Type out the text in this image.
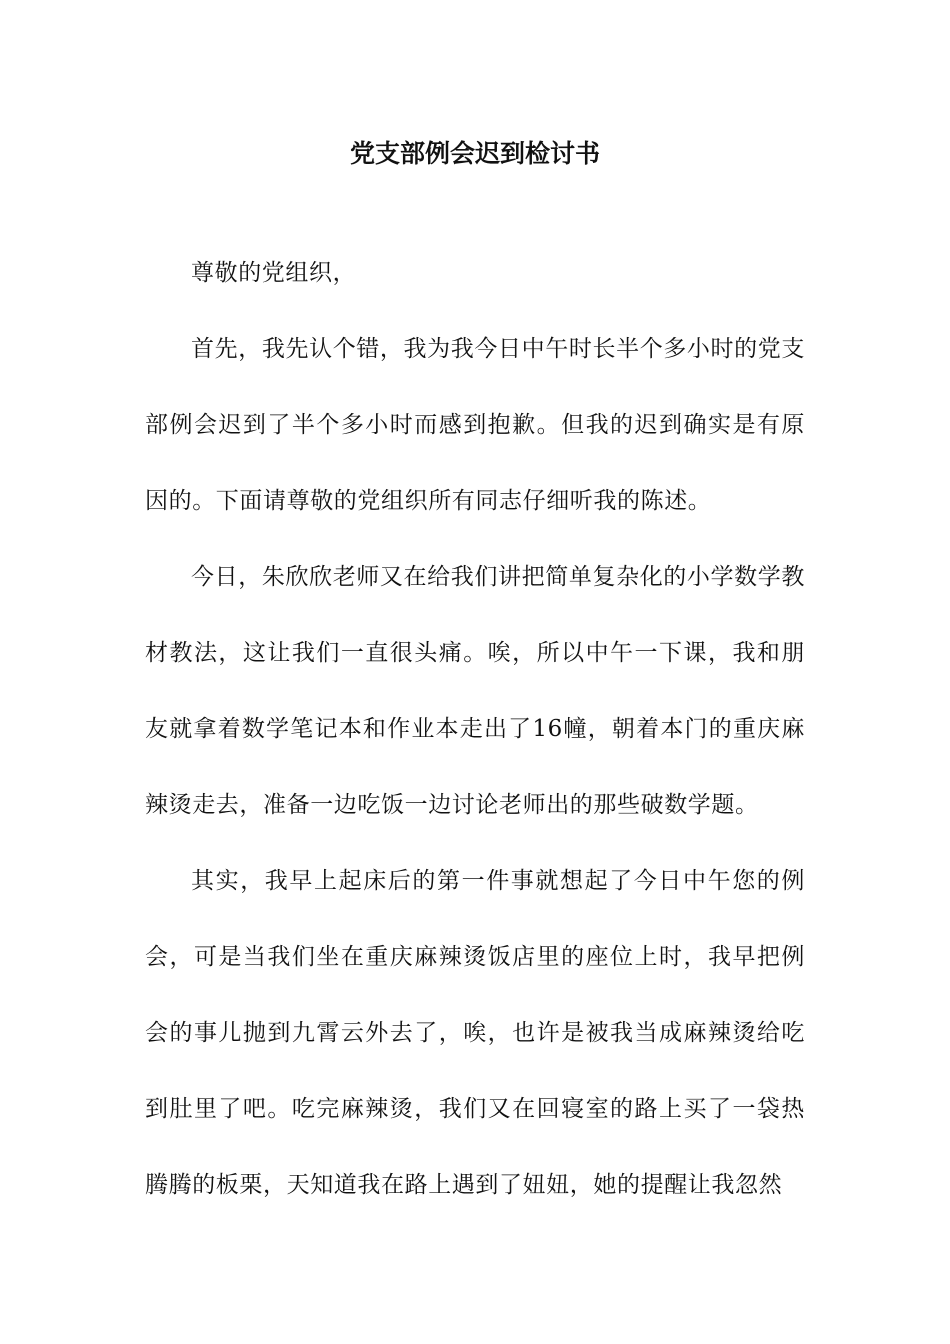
党支部例会迟到检讨书

尊敬的党组织，

首先，我先认个错，我为我今日中午时长半个多小时的党支部例会迟到了半个多小时而感到抱歉。但我的迟到确实是有原因的。下面请尊敬的党组织所有同志仔细听我的陈述。

今日，朱欣欣老师又在给我们讲把简单复杂化的小学数学教材教法，这让我们一直很头痛。唉，所以中午一下课，我和朋友就拿着数学笔记本和作业本走出了16幢，朝着本门的重庆麻辣烫走去，准备一边吃饭一边讨论老师出的那些破数学题。

其实，我早上起床后的第一件事就想起了今日中午您的例会，可是当我们坐在重庆麻辣烫饭店里的座位上时，我早把例会的事儿抛到九霄云外去了，唉，也许是被我当成麻辣烫给吃到肚里了吧。吃完麻辣烫，我们又在回寝室的路上买了一袋热腾腾的板栗，天知道我在路上遇到了妞妞，她的提醒让我忽然
